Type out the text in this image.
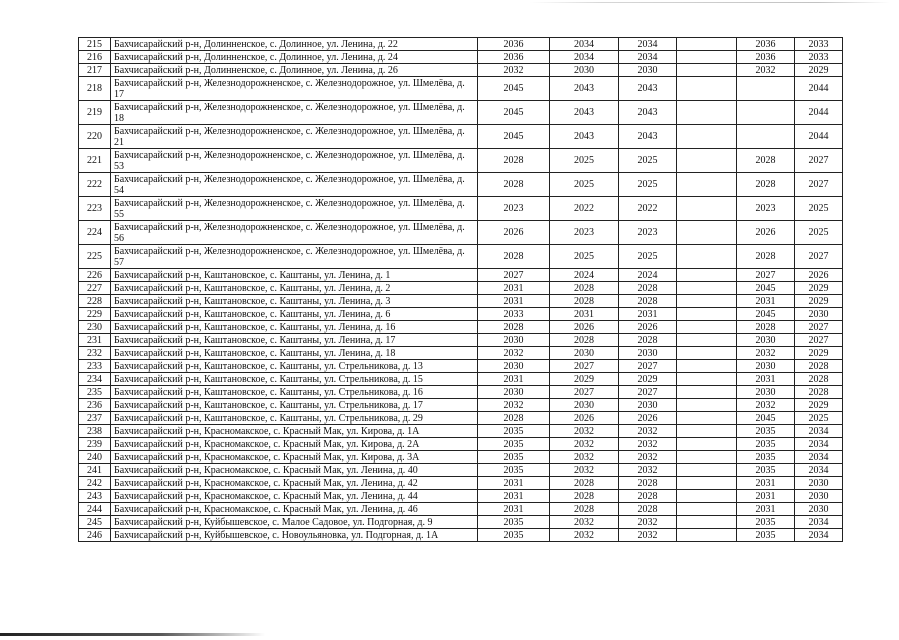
215	Бахчисарайский р-н, Долинненское, с. Долинное, ул. Ленина, д. 22	2036	2034	2034		2036	2033
216	Бахчисарайский р-н, Долинненское, с. Долинное, ул. Ленина, д. 24	2036	2034	2034		2036	2033
217	Бахчисарайский р-н, Долинненское, с. Долинное, ул. Ленина, д. 26	2032	2030	2030		2032	2029
218	Бахчисарайский р-н, Железнодорожненское, с. Железнодорожное, ул. Шмелёва, д. 17	2045	2043	2043			2044
219	Бахчисарайский р-н, Железнодорожненское, с. Железнодорожное, ул. Шмелёва, д. 18	2045	2043	2043			2044
220	Бахчисарайский р-н, Железнодорожненское, с. Железнодорожное, ул. Шмелёва, д. 21	2045	2043	2043			2044
221	Бахчисарайский р-н, Железнодорожненское, с. Железнодорожное, ул. Шмелёва, д. 53	2028	2025	2025		2028	2027
222	Бахчисарайский р-н, Железнодорожненское, с. Железнодорожное, ул. Шмелёва, д. 54	2028	2025	2025		2028	2027
223	Бахчисарайский р-н, Железнодорожненское, с. Железнодорожное, ул. Шмелёва, д. 55	2023	2022	2022		2023	2025
224	Бахчисарайский р-н, Железнодорожненское, с. Железнодорожное, ул. Шмелёва, д. 56	2026	2023	2023		2026	2025
225	Бахчисарайский р-н, Железнодорожненское, с. Железнодорожное, ул. Шмелёва, д. 57	2028	2025	2025		2028	2027
226	Бахчисарайский р-н, Каштановское, с. Каштаны, ул. Ленина, д. 1	2027	2024	2024		2027	2026
227	Бахчисарайский р-н, Каштановское, с. Каштаны, ул. Ленина, д. 2	2031	2028	2028		2045	2029
228	Бахчисарайский р-н, Каштановское, с. Каштаны, ул. Ленина, д. 3	2031	2028	2028		2031	2029
229	Бахчисарайский р-н, Каштановское, с. Каштаны, ул. Ленина, д. 6	2033	2031	2031		2045	2030
230	Бахчисарайский р-н, Каштановское, с. Каштаны, ул. Ленина, д. 16	2028	2026	2026		2028	2027
231	Бахчисарайский р-н, Каштановское, с. Каштаны, ул. Ленина, д. 17	2030	2028	2028		2030	2027
232	Бахчисарайский р-н, Каштановское, с. Каштаны, ул. Ленина, д. 18	2032	2030	2030		2032	2029
233	Бахчисарайский р-н, Каштановское, с. Каштаны, ул. Стрельникова, д. 13	2030	2027	2027		2030	2028
234	Бахчисарайский р-н, Каштановское, с. Каштаны, ул. Стрельникова, д. 15	2031	2029	2029		2031	2028
235	Бахчисарайский р-н, Каштановское, с. Каштаны, ул. Стрельникова, д. 16	2030	2027	2027		2030	2028
236	Бахчисарайский р-н, Каштановское, с. Каштаны, ул. Стрельникова, д. 17	2032	2030	2030		2032	2029
237	Бахчисарайский р-н, Каштановское, с. Каштаны, ул. Стрельникова, д. 29	2028	2026	2026		2045	2025
238	Бахчисарайский р-н, Красномакское, с. Красный Мак, ул. Кирова, д. 1А	2035	2032	2032		2035	2034
239	Бахчисарайский р-н, Красномакское, с. Красный Мак, ул. Кирова, д. 2А	2035	2032	2032		2035	2034
240	Бахчисарайский р-н, Красномакское, с. Красный Мак, ул. Кирова, д. 3А	2035	2032	2032		2035	2034
241	Бахчисарайский р-н, Красномакское, с. Красный Мак, ул. Ленина, д. 40	2035	2032	2032		2035	2034
242	Бахчисарайский р-н, Красномакское, с. Красный Мак, ул. Ленина, д. 42	2031	2028	2028		2031	2030
243	Бахчисарайский р-н, Красномакское, с. Красный Мак, ул. Ленина, д. 44	2031	2028	2028		2031	2030
244	Бахчисарайский р-н, Красномакское, с. Красный Мак, ул. Ленина, д. 46	2031	2028	2028		2031	2030
245	Бахчисарайский р-н, Куйбышевское, с. Малое Садовое, ул. Подгорная, д. 9	2035	2032	2032		2035	2034
246	Бахчисарайский р-н, Куйбышевское, с. Новоульяновка, ул. Подгорная, д. 1А	2035	2032	2032		2035	2034
